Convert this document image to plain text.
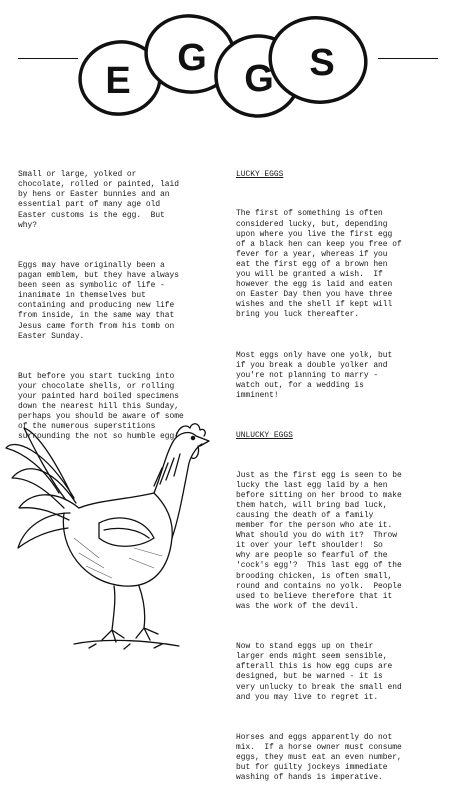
E
G G S

Small or large, yolked or
chocolate, rolled or painted, laid
by hens or Easter bunnies and an
essential part of many age old
Easter customs is the egg.  But
why?

Eggs may have originally been a
pagan emblem, but they have always
been seen as symbolic of life -
inanimate in themselves but
containing and producing new life
from inside, in the same way that
Jesus came forth from his tomb on
Easter Sunday.

But before you start tucking into
your chocolate shells, or rolling
your painted hard boiled specimens
down the nearest hill this Sunday,
perhaps you should be aware of some
of the numerous superstitions
surrounding the not so humble egg!

LUCKY EGGS

The first of something is often
considered lucky, but, depending
upon where you live the first egg
of a black hen can keep you free of
fever for a year, whereas if you
eat the first egg of a brown hen
you will be granted a wish.  If
however the egg is laid and eaten
on Easter Day then you have three
wishes and the shell if kept will
bring you luck thereafter.

Most eggs only have one yolk, but
if you break a double yolker and
you're not planning to marry -
watch out, for a wedding is
imminent!

UNLUCKY EGGS

Just as the first egg is seen to be
lucky the last egg laid by a hen
before sitting on her brood to make
them hatch, will bring bad luck,
causing the death of a family
member for the person who ate it.
What should you do with it?  Throw
it over your left shoulder!  So
why are people so fearful of the
'cock's egg'?  This last egg of the
brooding chicken, is often small,
round and contains no yolk.  People
used to believe therefore that it
was the work of the devil.

Now to stand eggs up on their
larger ends might seem sensible,
afterall this is how egg cups are
designed, but be warned - it is
very unlucky to break the small end
and you may live to regret it.

Horses and eggs apparently do not
mix.  If a horse owner must consume
eggs, they must eat an even number,
but for guilty jockeys immediate
washing of hands is imperative.
